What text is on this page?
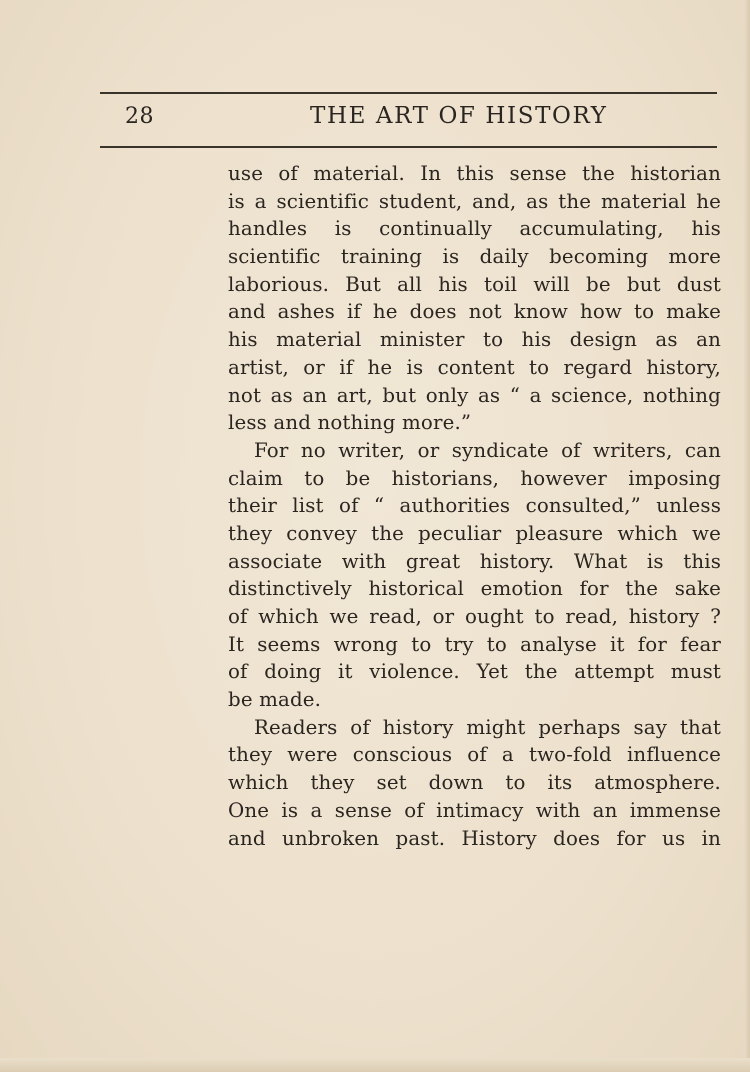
28	THE ART OF HISTORY
use of material. In this sense the historian
is a scientific student, and, as the material he
handles is continually accumulating, his
scientific training is daily becoming more
laborious. But all his toil will be but dust
and ashes if he does not know how to make
his material minister to his design as an
artist, or if he is content to regard history,
not as an art, but only as “ a science, nothing
less and nothing more.”
For no writer, or syndicate of writers, can
claim to be historians, however imposing
their list of “ authorities consulted,” unless
they convey the peculiar pleasure which we
associate with great history. What is this
distinctively historical emotion for the sake
of which we read, or ought to read, history ?
It seems wrong to try to analyse it for fear
of doing it violence. Yet the attempt must
be made.
Readers of history might perhaps say that
they were conscious of a two-fold influence
which they set down to its atmosphere.
One is a sense of intimacy with an immense
and unbroken past. History does for us in
